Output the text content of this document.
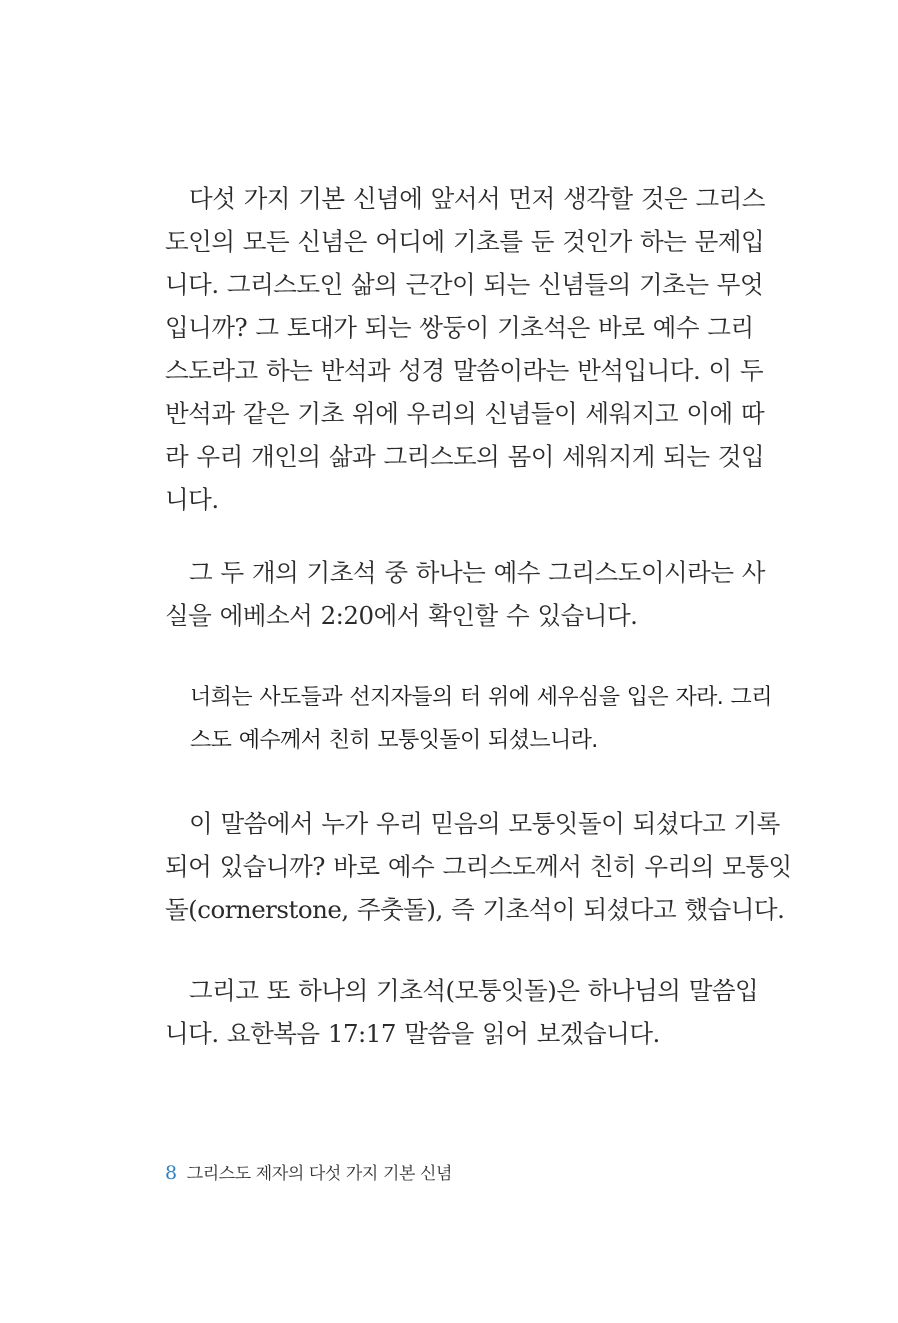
다섯 가지 기본 신념에 앞서서 먼저 생각할 것은 그리스
도인의 모든 신념은 어디에 기초를 둔 것인가 하는 문제입
니다. 그리스도인 삶의 근간이 되는 신념들의 기초는 무엇
입니까? 그 토대가 되는 쌍둥이 기초석은 바로 예수 그리
스도라고 하는 반석과 성경 말씀이라는 반석입니다. 이 두
반석과 같은 기초 위에 우리의 신념들이 세워지고 이에 따
라 우리 개인의 삶과 그리스도의 몸이 세워지게 되는 것입
니다.
그 두 개의 기초석 중 하나는 예수 그리스도이시라는 사
실을 에베소서 2:20에서 확인할 수 있습니다.
너희는 사도들과 선지자들의 터 위에 세우심을 입은 자라. 그리
스도 예수께서 친히 모퉁잇돌이 되셨느니라.
이 말씀에서 누가 우리 믿음의 모퉁잇돌이 되셨다고 기록
되어 있습니까? 바로 예수 그리스도께서 친히 우리의 모퉁잇
돌(cornerstone, 주춧돌), 즉 기초석이 되셨다고 했습니다.
그리고 또 하나의 기초석(모퉁잇돌)은 하나님의 말씀입
니다. 요한복음 17:17 말씀을 읽어 보겠습니다.
8 그리스도 제자의 다섯 가지 기본 신념
